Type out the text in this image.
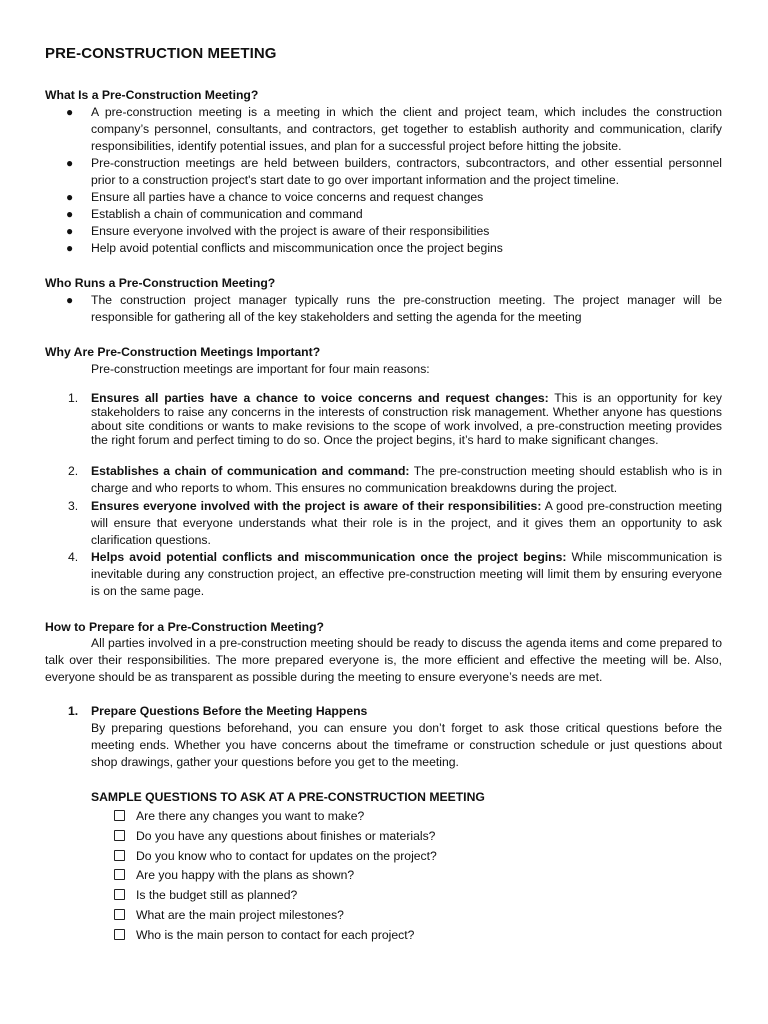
PRE-CONSTRUCTION MEETING
What Is a Pre-Construction Meeting?
● A pre-construction meeting is a meeting in which the client and project team, which includes the construction company’s personnel, consultants, and contractors, get together to establish authority and communication, clarify responsibilities, identify potential issues, and plan for a successful project before hitting the jobsite.
● Pre-construction meetings are held between builders, contractors, subcontractors, and other essential personnel prior to a construction project's start date to go over important information and the project timeline.
● Ensure all parties have a chance to voice concerns and request changes
● Establish a chain of communication and command
● Ensure everyone involved with the project is aware of their responsibilities
● Help avoid potential conflicts and miscommunication once the project begins
Who Runs a Pre-Construction Meeting?
● The construction project manager typically runs the pre-construction meeting. The project manager will be responsible for gathering all of the key stakeholders and setting the agenda for the meeting
Why Are Pre-Construction Meetings Important?
Pre-construction meetings are important for four main reasons:
1. Ensures all parties have a chance to voice concerns and request changes: This is an opportunity for key stakeholders to raise any concerns in the interests of construction risk management. Whether anyone has questions about site conditions or wants to make revisions to the scope of work involved, a pre-construction meeting provides the right forum and perfect timing to do so. Once the project begins, it’s hard to make significant changes.
2. Establishes a chain of communication and command: The pre-construction meeting should establish who is in charge and who reports to whom. This ensures no communication breakdowns during the project.
3. Ensures everyone involved with the project is aware of their responsibilities: A good pre-construction meeting will ensure that everyone understands what their role is in the project, and it gives them an opportunity to ask clarification questions.
4. Helps avoid potential conflicts and miscommunication once the project begins: While miscommunication is inevitable during any construction project, an effective pre-construction meeting will limit them by ensuring everyone is on the same page.
How to Prepare for a Pre-Construction Meeting?
All parties involved in a pre-construction meeting should be ready to discuss the agenda items and come prepared to talk over their responsibilities. The more prepared everyone is, the more efficient and effective the meeting will be. Also, everyone should be as transparent as possible during the meeting to ensure everyone’s needs are met.
1. Prepare Questions Before the Meeting Happens
By preparing questions beforehand, you can ensure you don’t forget to ask those critical questions before the meeting ends. Whether you have concerns about the timeframe or construction schedule or just questions about shop drawings, gather your questions before you get to the meeting.
SAMPLE QUESTIONS TO ASK AT A PRE-CONSTRUCTION MEETING
Are there any changes you want to make?
Do you have any questions about finishes or materials?
Do you know who to contact for updates on the project?
Are you happy with the plans as shown?
Is the budget still as planned?
What are the main project milestones?
Who is the main person to contact for each project?
